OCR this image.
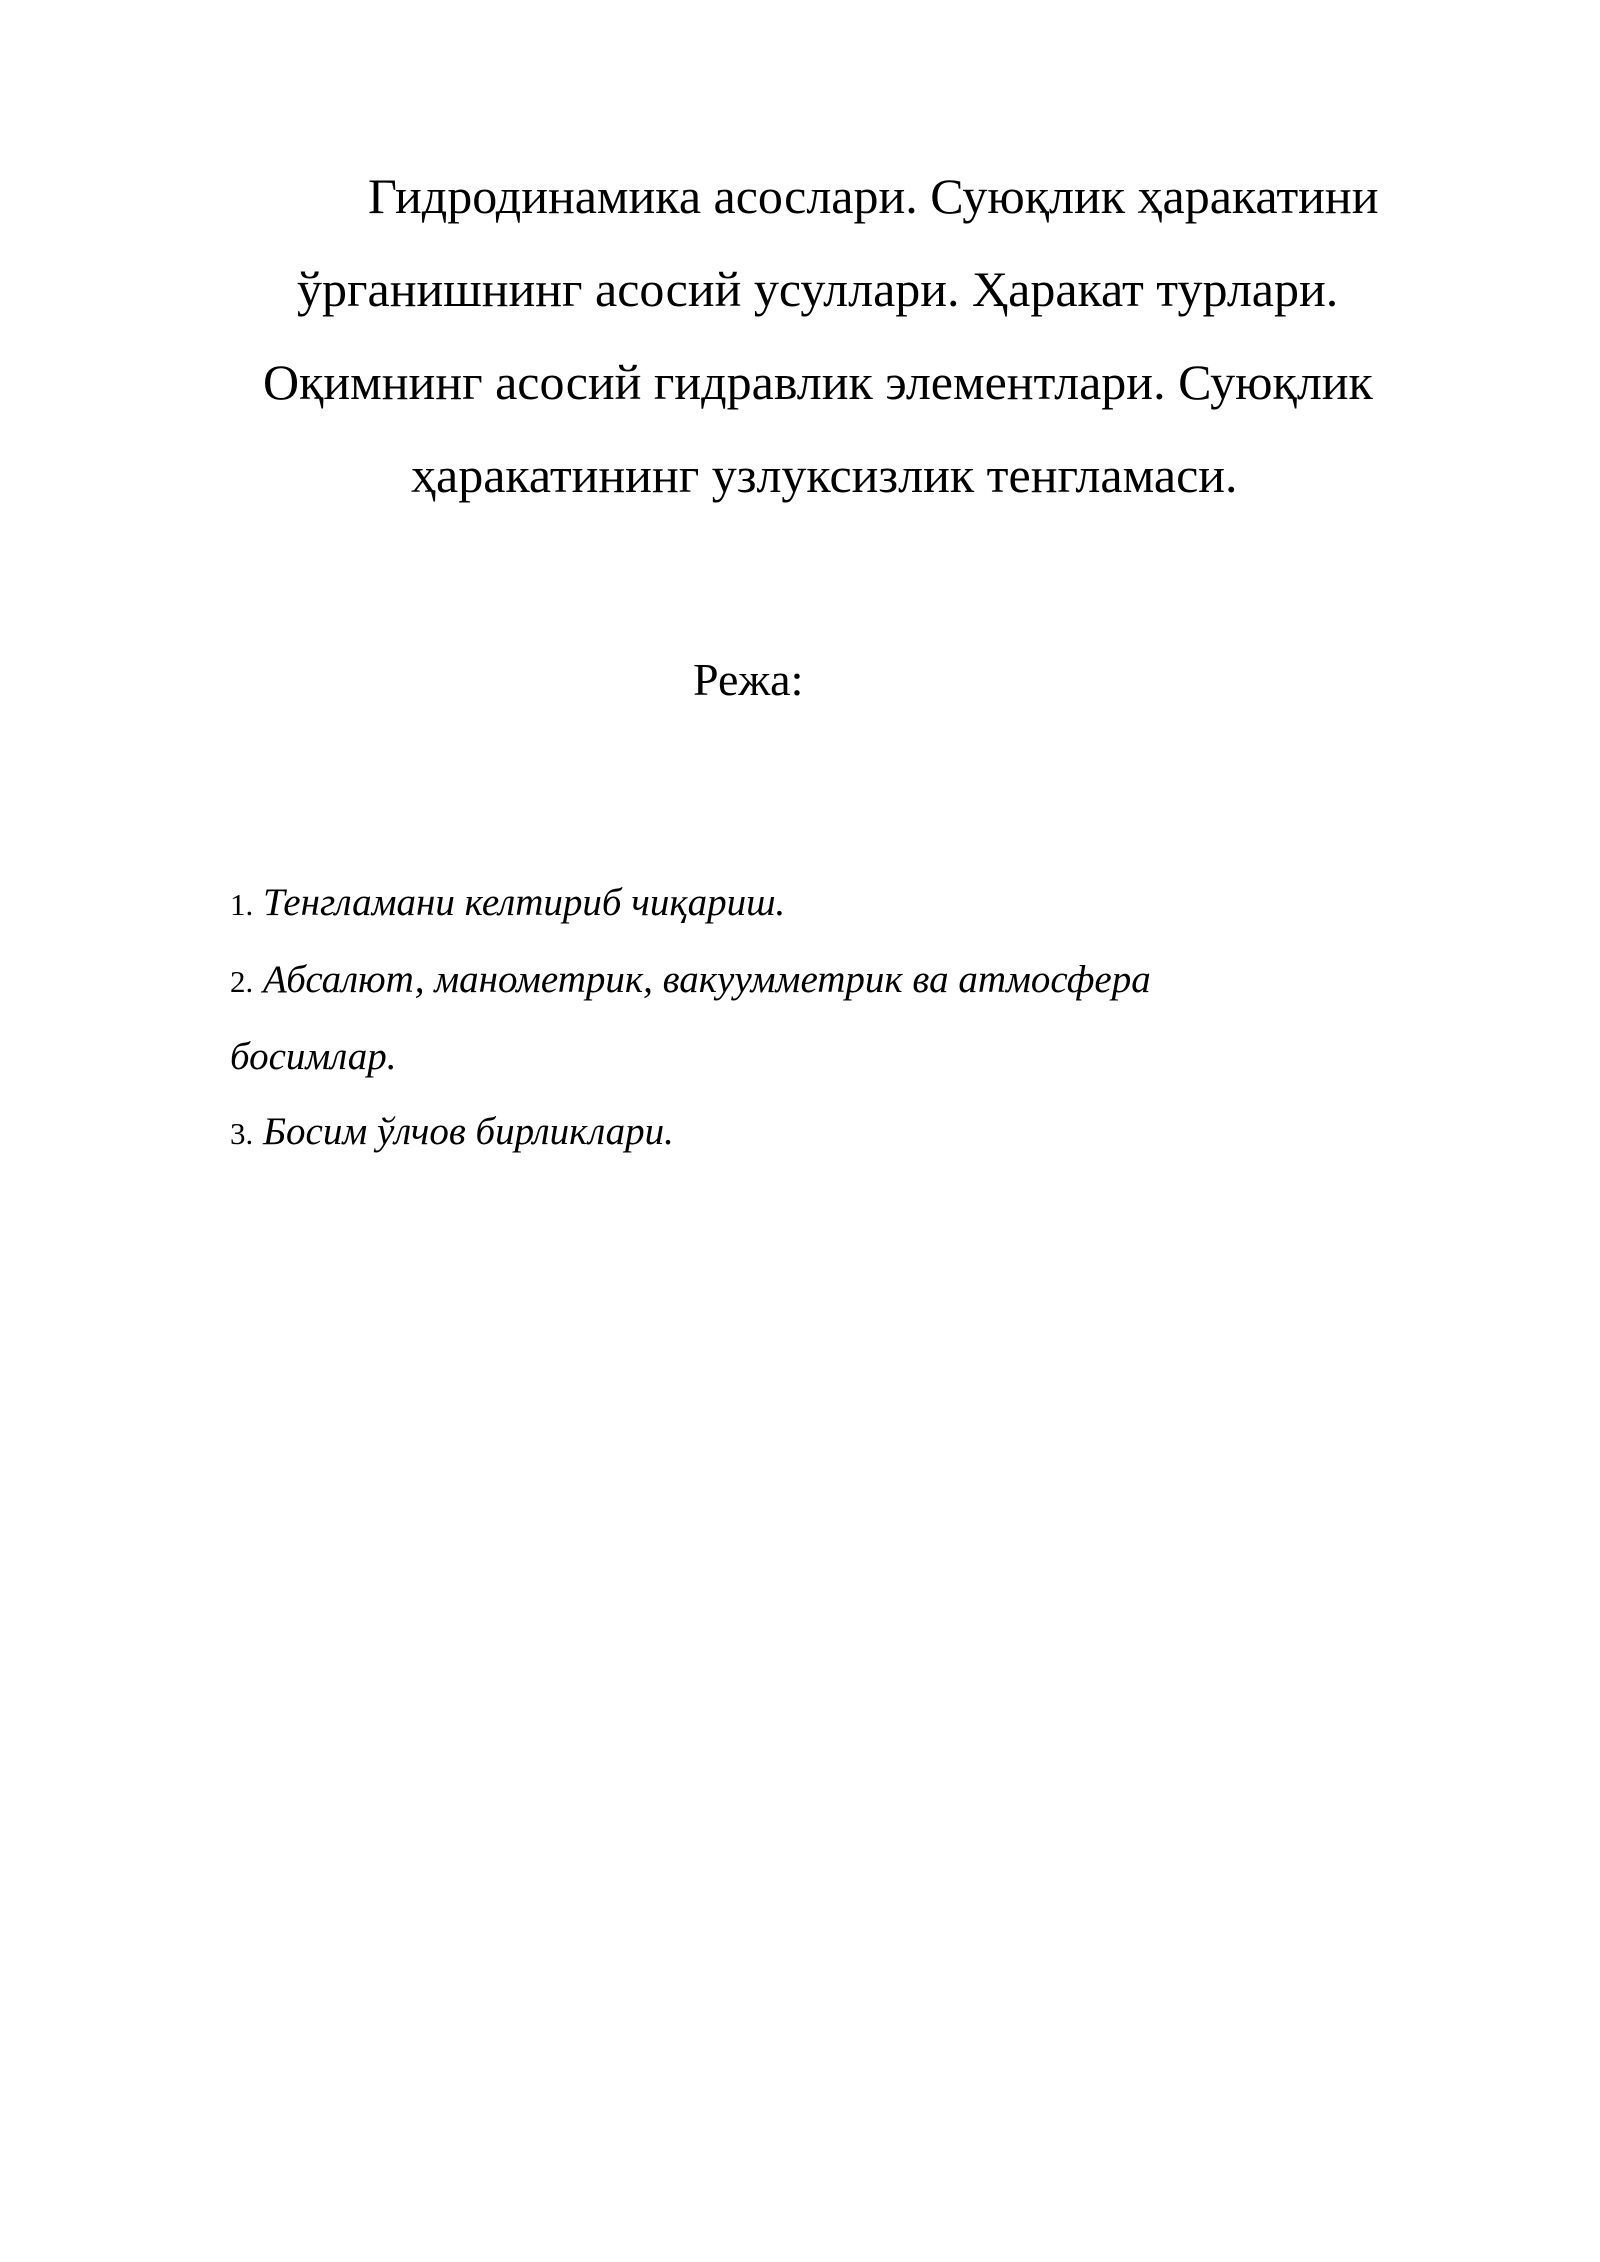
Гидродинамика асослари. Суюқлик ҳаракатини
ўрганишнинг асосий усуллари. Ҳаракат турлари.
Оқимнинг асосий гидравлик элементлари. Суюқлик
ҳаракатининг узлуксизлик тенгламаси.
Режа:
1. Тенгламани келтириб чиқариш.
2. Абсалют, манометрик, вакуумметрик ва атмосфера
босимлар.
3. Босим ўлчов бирликлари.
